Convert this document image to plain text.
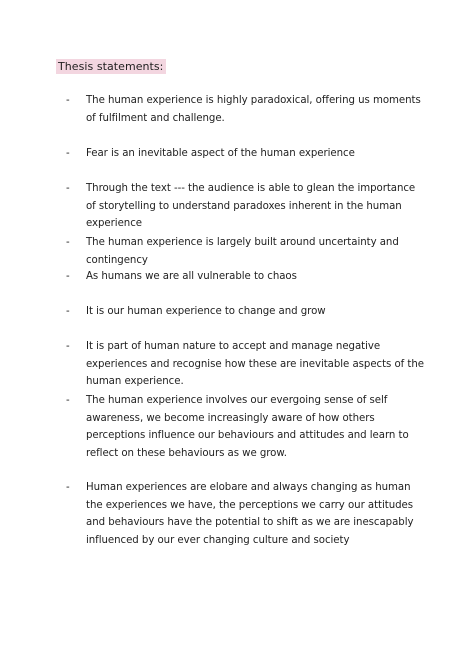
Thesis statements:
- The human experience is highly paradoxical, offering us moments of fulfilment and challenge.
- Fear is an inevitable aspect of the human experience
- Through the text --- the audience is able to glean the importance of storytelling to understand paradoxes inherent in the human experience
- The human experience is largely built around uncertainty and contingency
- As humans we are all vulnerable to chaos
- It is our human experience to change and grow
- It is part of human nature to accept and manage negative experiences and recognise how these are inevitable aspects of the human experience.
- The human experience involves our evergoing sense of self awareness, we become increasingly aware of how others perceptions influence our behaviours and attitudes and learn to reflect on these behaviours as we grow.
- Human experiences are elobare and always changing as human the experiences we have, the perceptions we carry our attitudes and behaviours have the potential to shift as we are inescapably influenced by our ever changing culture and society
